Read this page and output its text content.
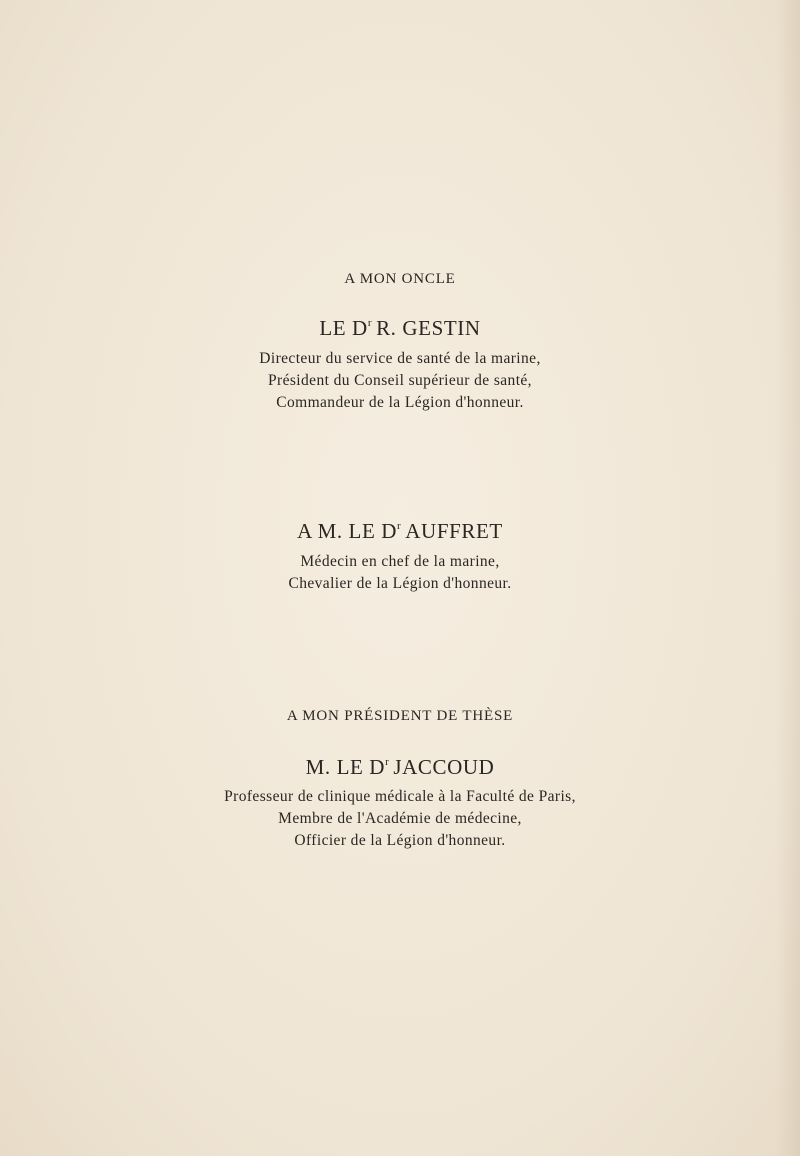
A MON ONCLE
LE $D^r$ R. GESTIN
Directeur du service de santé de la marine,
Président du Conseil supérieur de santé,
Commandeur de la Légion d'honneur.
A M. LE $D^r$ AUFFRET
Médecin en chef de la marine,
Chevalier de la Légion d'honneur.
A MON PRÉSIDENT DE THÈSE
M. LE $D^r$ JACCOUD
Professeur de clinique médicale à la Faculté de Paris,
Membre de l'Académie de médecine,
Officier de la Légion d'honneur.
